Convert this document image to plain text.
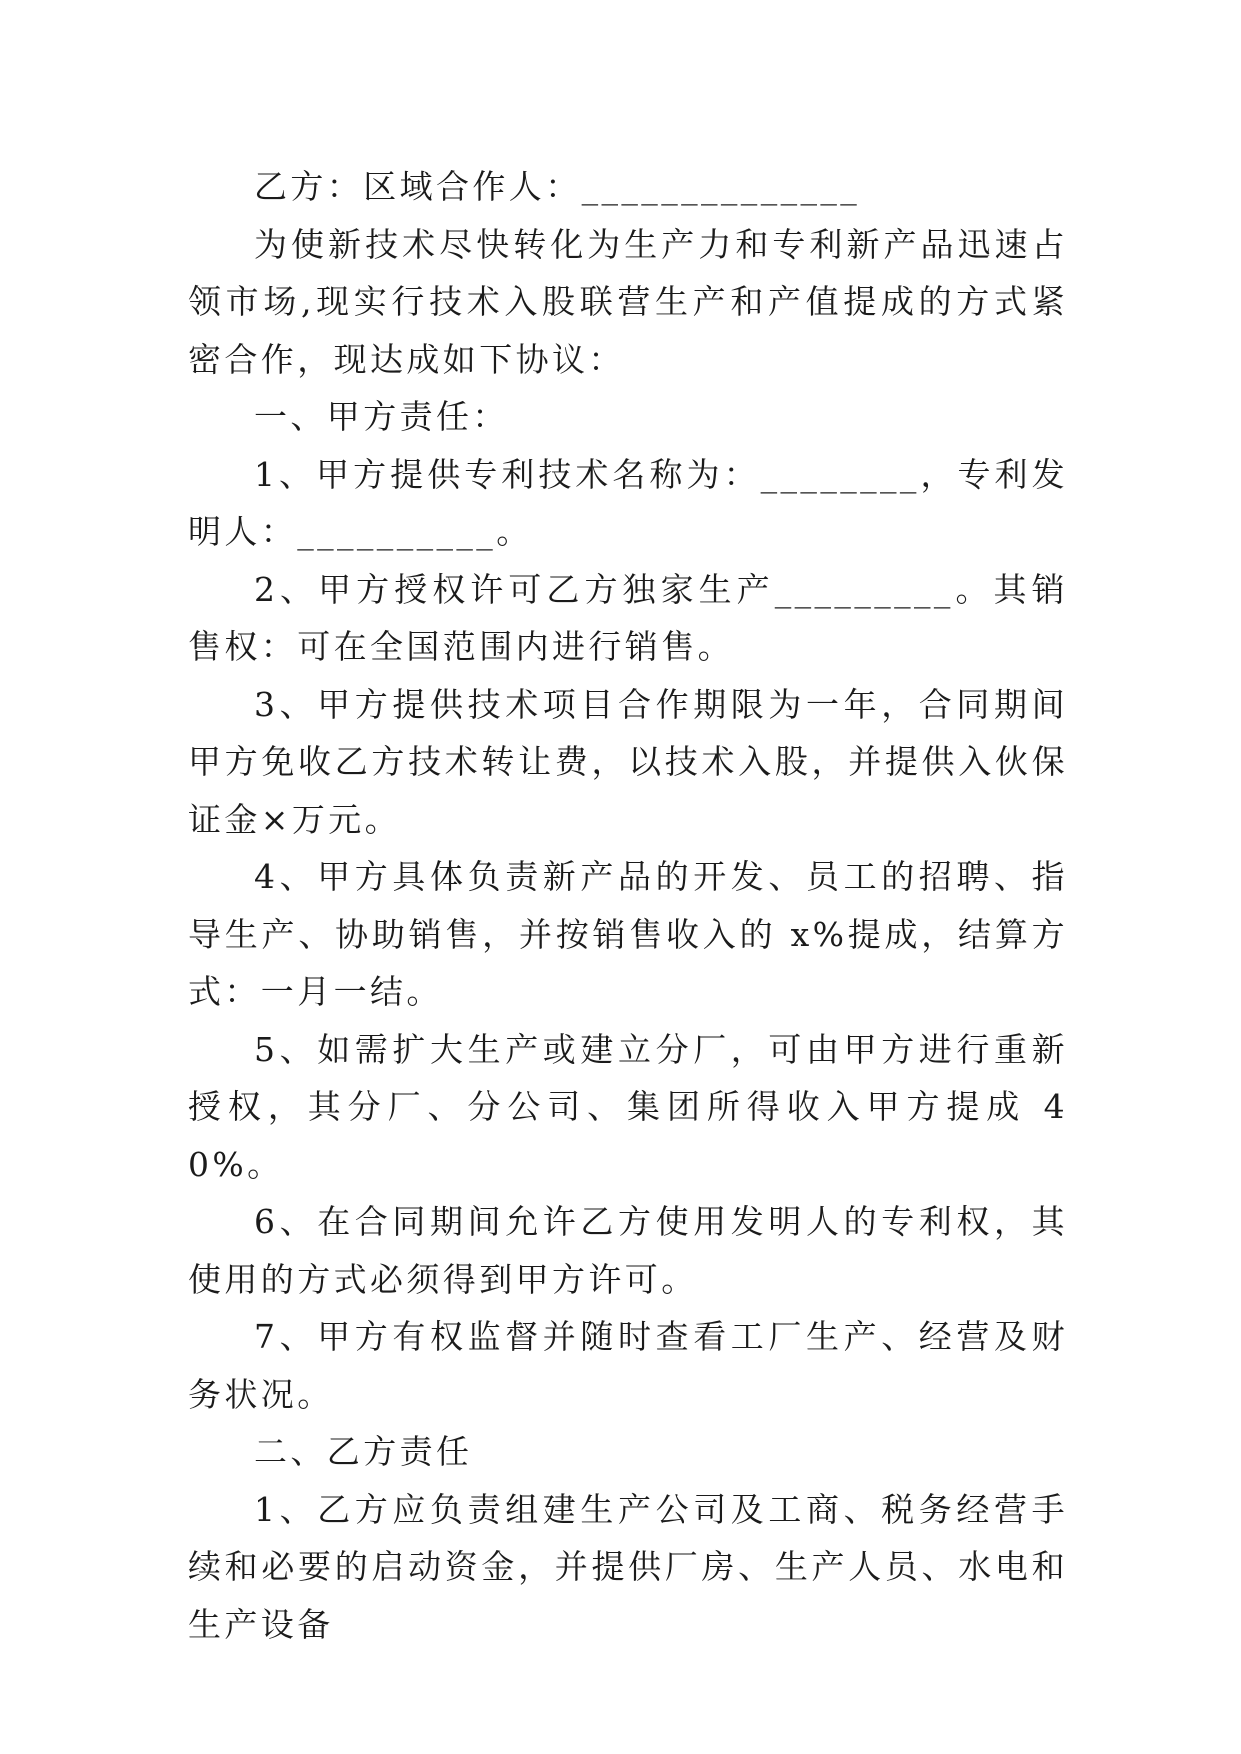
乙方：区域合作人：______________

为使新技术尽快转化为生产力和专利新产品迅速占领市场,现实行技术入股联营生产和产值提成的方式紧密合作，现达成如下协议：

一、甲方责任：

1、甲方提供专利技术名称为：________，专利发明人：__________。

2、甲方授权许可乙方独家生产_________。其销售权：可在全国范围内进行销售。

3、甲方提供技术项目合作期限为一年，合同期间甲方免收乙方技术转让费，以技术入股，并提供入伙保证金×万元。

4、甲方具体负责新产品的开发、员工的招聘、指导生产、协助销售，并按销售收入的 x%提成，结算方式：一月一结。

5、如需扩大生产或建立分厂，可由甲方进行重新授权，其分厂、分公司、集团所得收入甲方提成 40%。

6、在合同期间允许乙方使用发明人的专利权，其使用的方式必须得到甲方许可。

7、甲方有权监督并随时查看工厂生产、经营及财务状况。

二、乙方责任

1、乙方应负责组建生产公司及工商、税务经营手续和必要的启动资金，并提供厂房、生产人员、水电和生产设备
